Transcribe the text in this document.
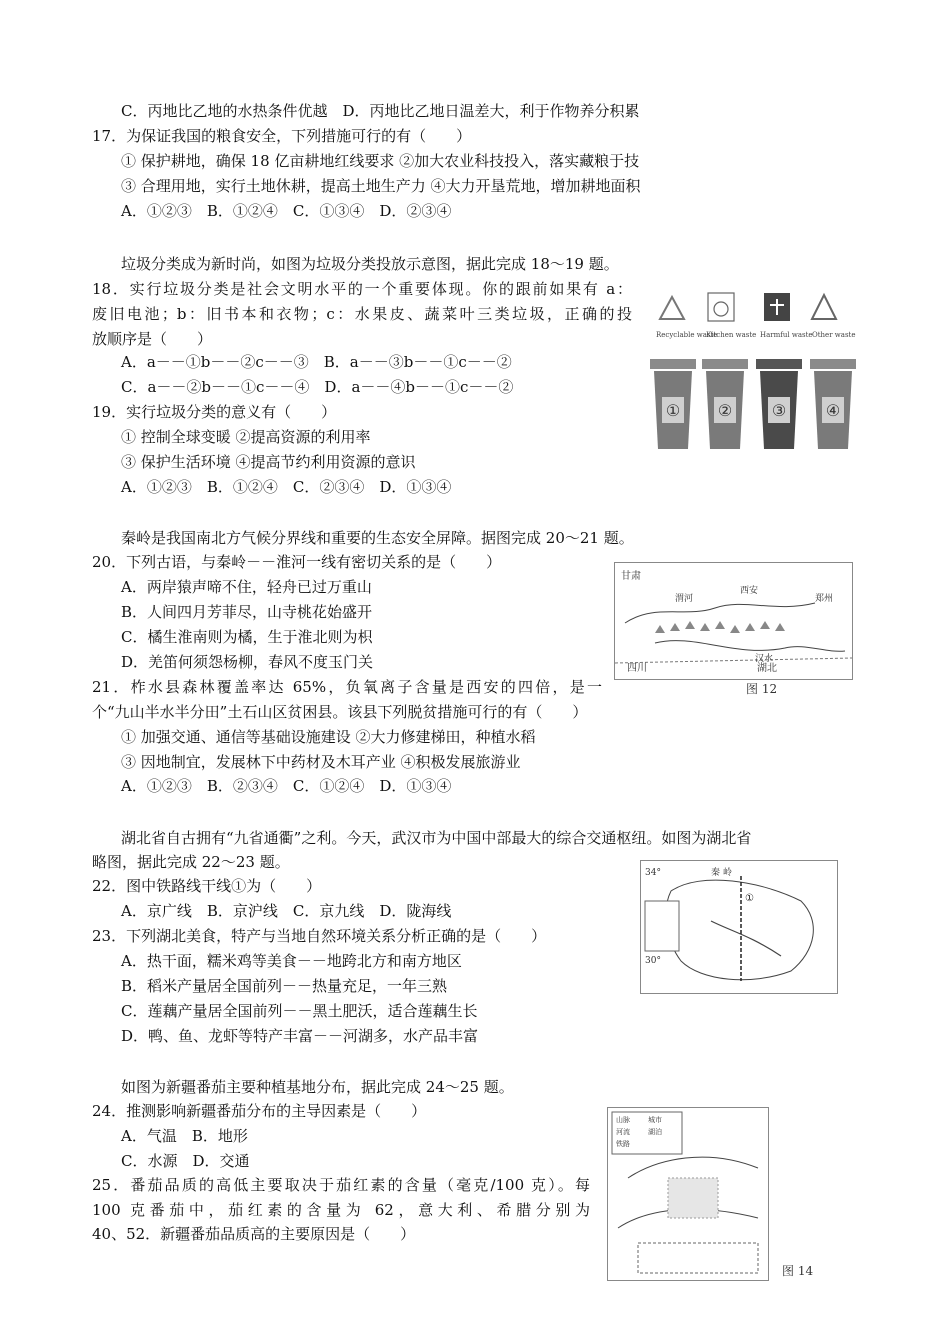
C．丙地比乙地的水热条件优越　D．丙地比乙地日温差大，利于作物养分积累
17．为保证我国的粮食安全，下列措施可行的有（　　）
① 保护耕地，确保 18 亿亩耕地红线要求 ②加大农业科技投入，落实藏粮于技
③ 合理用地，实行土地休耕，提高土地生产力 ④大力开垦荒地，增加耕地面积
A．①②③　B．①②④　C．①③④　D．②③④
垃圾分类成为新时尚，如图为垃圾分类投放示意图，据此完成 18～19 题。
18．实行垃圾分类是社会文明水平的一个重要体现。你的跟前如果有 a：
废旧电池；b：旧书本和衣物；c：水果皮、蔬菜叶三类垃圾，正确的投
放顺序是（　　）
A．a－－①b－－②c－－③　B．a－－③b－－①c－－②
C．a－－②b－－①c－－④　D．a－－④b－－①c－－②
19．实行垃圾分类的意义有（　　）
① 控制全球变暖 ②提高资源的利用率
③ 保护生活环境 ④提高节约利用资源的意识
A．①②③　B．①②④　C．②③④　D．①③④
秦岭是我国南北方气候分界线和重要的生态安全屏障。据图完成 20～21 题。
20．下列古语，与秦岭－－淮河一线有密切关系的是（　　）
A．两岸猿声啼不住，轻舟已过万重山
B．人间四月芳菲尽，山寺桃花始盛开
C．橘生淮南则为橘，生于淮北则为枳
D．羌笛何须怨杨柳，春风不度玉门关
21．柞水县森林覆盖率达 65%，负氧离子含量是西安的四倍，是一
个“九山半水半分田”土石山区贫困县。该县下列脱贫措施可行的有（　　）
① 加强交通、通信等基础设施建设 ②大力修建梯田，种植水稻
③ 因地制宜，发展林下中药材及木耳产业 ④积极发展旅游业
A．①②③　B．②③④　C．①②④　D．①③④
湖北省自古拥有“九省通衢”之利。今天，武汉市为中国中部最大的综合交通枢纽。如图为湖北省
略图，据此完成 22～23 题。
22．图中铁路线干线①为（　　）
A．京广线　B．京沪线　C．京九线　D．陇海线
23．下列湖北美食，特产与当地自然环境关系分析正确的是（　　）
A．热干面，糯米鸡等美食－－地跨北方和南方地区
B．稻米产量居全国前列－－热量充足，一年三熟
C．莲藕产量居全国前列－－黑土肥沃，适合莲藕生长
D．鸭、鱼、龙虾等特产丰富－－河湖多，水产品丰富
如图为新疆番茄主要种植基地分布，据此完成 24～25 题。
24．推测影响新疆番茄分布的主导因素是（　　）
A．气温　B．地形
C．水源　D．交通
25．番茄品质的高低主要取决于茄红素的含量（毫克/100 克）。每
100 克番茄中，茄红素的含量为 62，意大利、希腊分别为
40、52．新疆番茄品质高的主要原因是（　　）
Recyclable waste
Kitchen waste Harmful waste Other waste
① ② ③ ④
甘肃
渭河
西安
郑州
汉水
四川	湖北
图 12
34°
30°
秦 岭
①
山脉	城市
河流	湖泊
铁路
图 14
